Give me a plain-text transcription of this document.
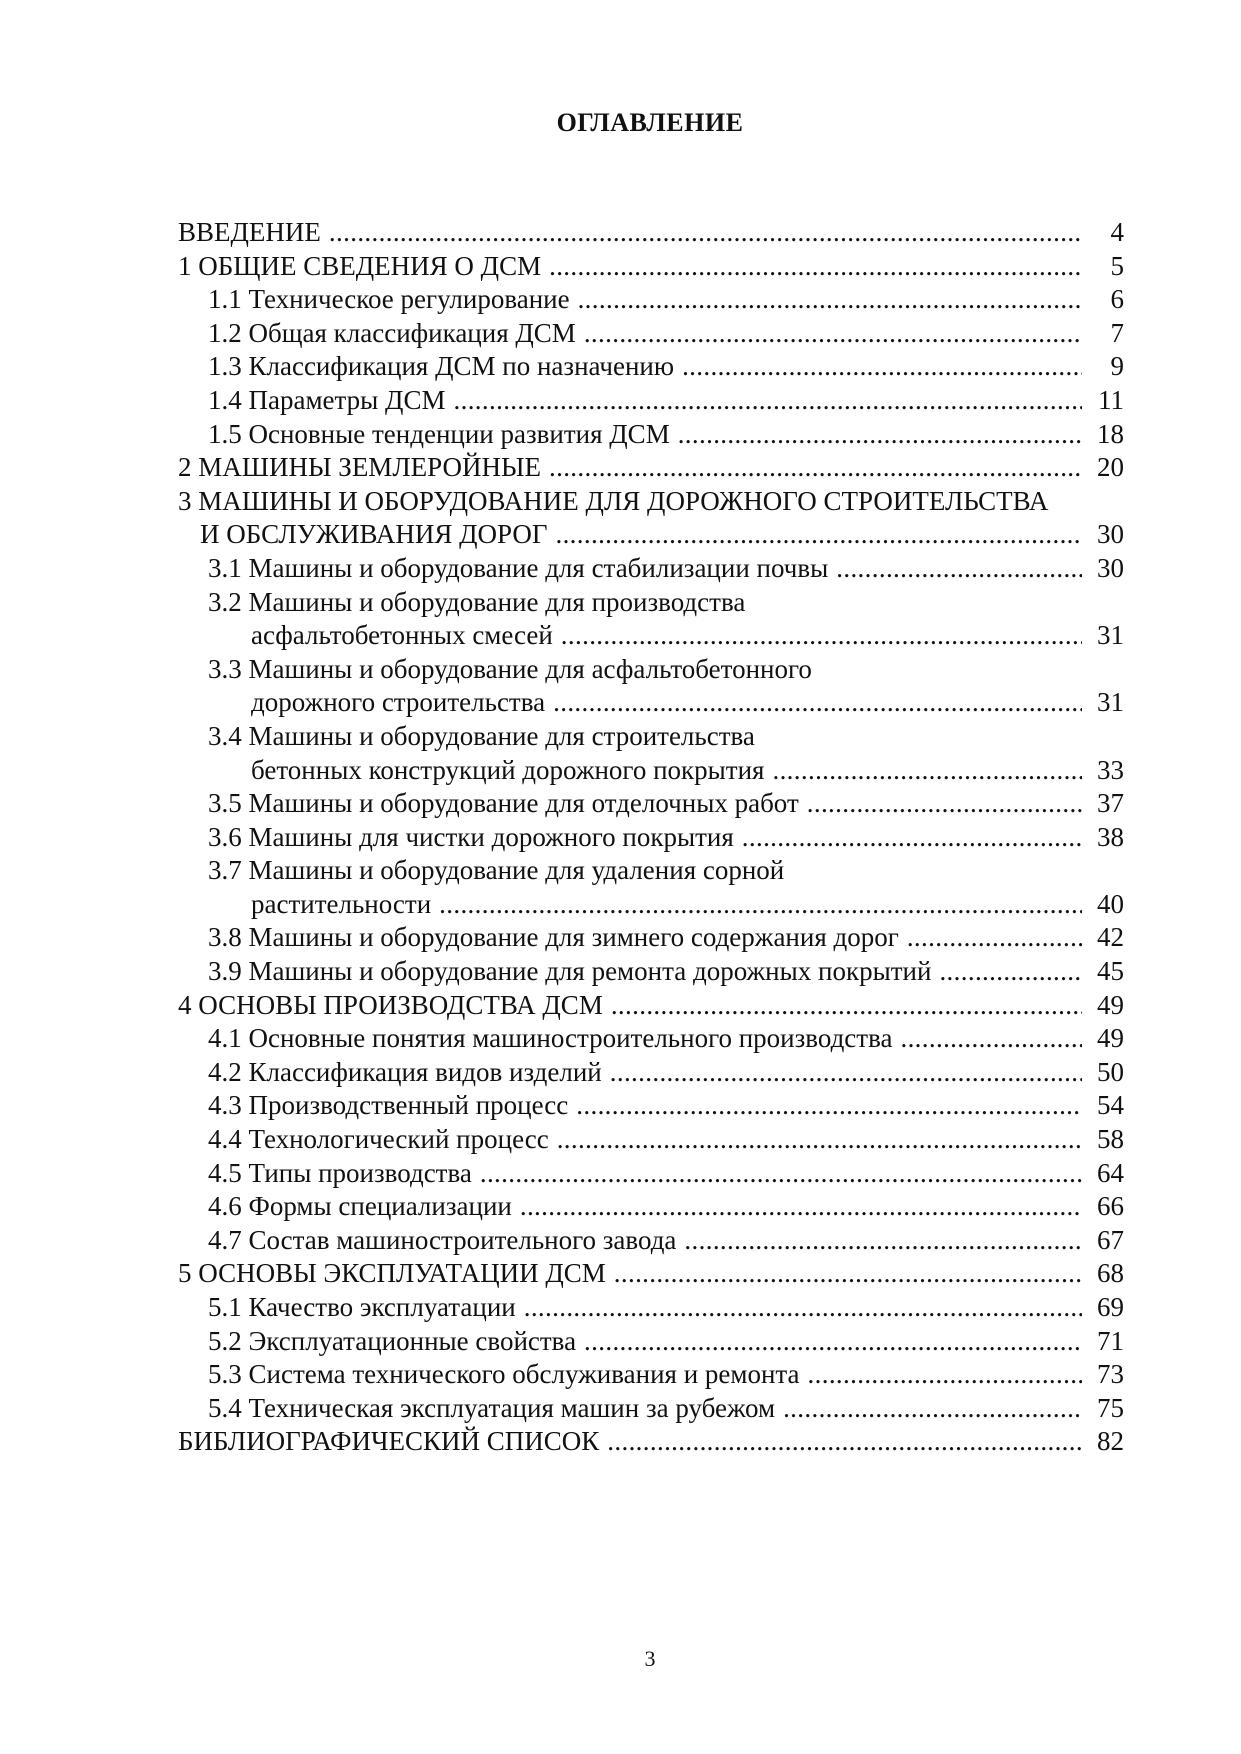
ОГЛАВЛЕНИЕ
ВВЕДЕНИЕ . . .	4
1 ОБЩИЕ СВЕДЕНИЯ О ДСМ . . .	5
1.1 Техническое регулирование . . .	6
1.2 Общая классификация ДСМ . . .	7
1.3 Классификация ДСМ по назначению . . .	9
1.4 Параметры ДСМ . . .	11
1.5 Основные тенденции развития ДСМ . . .	18
2 МАШИНЫ ЗЕМЛЕРОЙНЫЕ . . .	20
3 МАШИНЫ И ОБОРУДОВАНИЕ ДЛЯ ДОРОЖНОГО СТРОИТЕЛЬСТВА
И ОБСЛУЖИВАНИЯ ДОРОГ . . .	30
3.1 Машины и оборудование для стабилизации почвы . . .	30
3.2 Машины и оборудование для производства
асфальтобетонных смесей . . .	31
3.3 Машины и оборудование для асфальтобетонного
дорожного строительства . . .	31
3.4 Машины и оборудование для строительства
бетонных конструкций дорожного покрытия . . .	33
3.5 Машины и оборудование для отделочных работ . . .	37
3.6 Машины для чистки дорожного покрытия . . .	38
3.7 Машины и оборудование для удаления сорной
растительности . . .	40
3.8 Машины и оборудование для зимнего содержания дорог . . .	42
3.9 Машины и оборудование для ремонта дорожных покрытий . . .	45
4 ОСНОВЫ ПРОИЗВОДСТВА ДСМ . . .	49
4.1 Основные понятия машиностроительного производства . . .	49
4.2 Классификация видов изделий . . .	50
4.3 Производственный процесс . . .	54
4.4 Технологический процесс . . .	58
4.5 Типы производства . . .	64
4.6 Формы специализации . . .	66
4.7 Состав машиностроительного завода . . .	67
5 ОСНОВЫ ЭКСПЛУАТАЦИИ ДСМ . . .	68
5.1 Качество эксплуатации . . .	69
5.2 Эксплуатационные свойства . . .	71
5.3 Система технического обслуживания и ремонта . . .	73
5.4 Техническая эксплуатация машин за рубежом . . .	75
БИБЛИОГРАФИЧЕСКИЙ СПИСОК . . .	82
3
